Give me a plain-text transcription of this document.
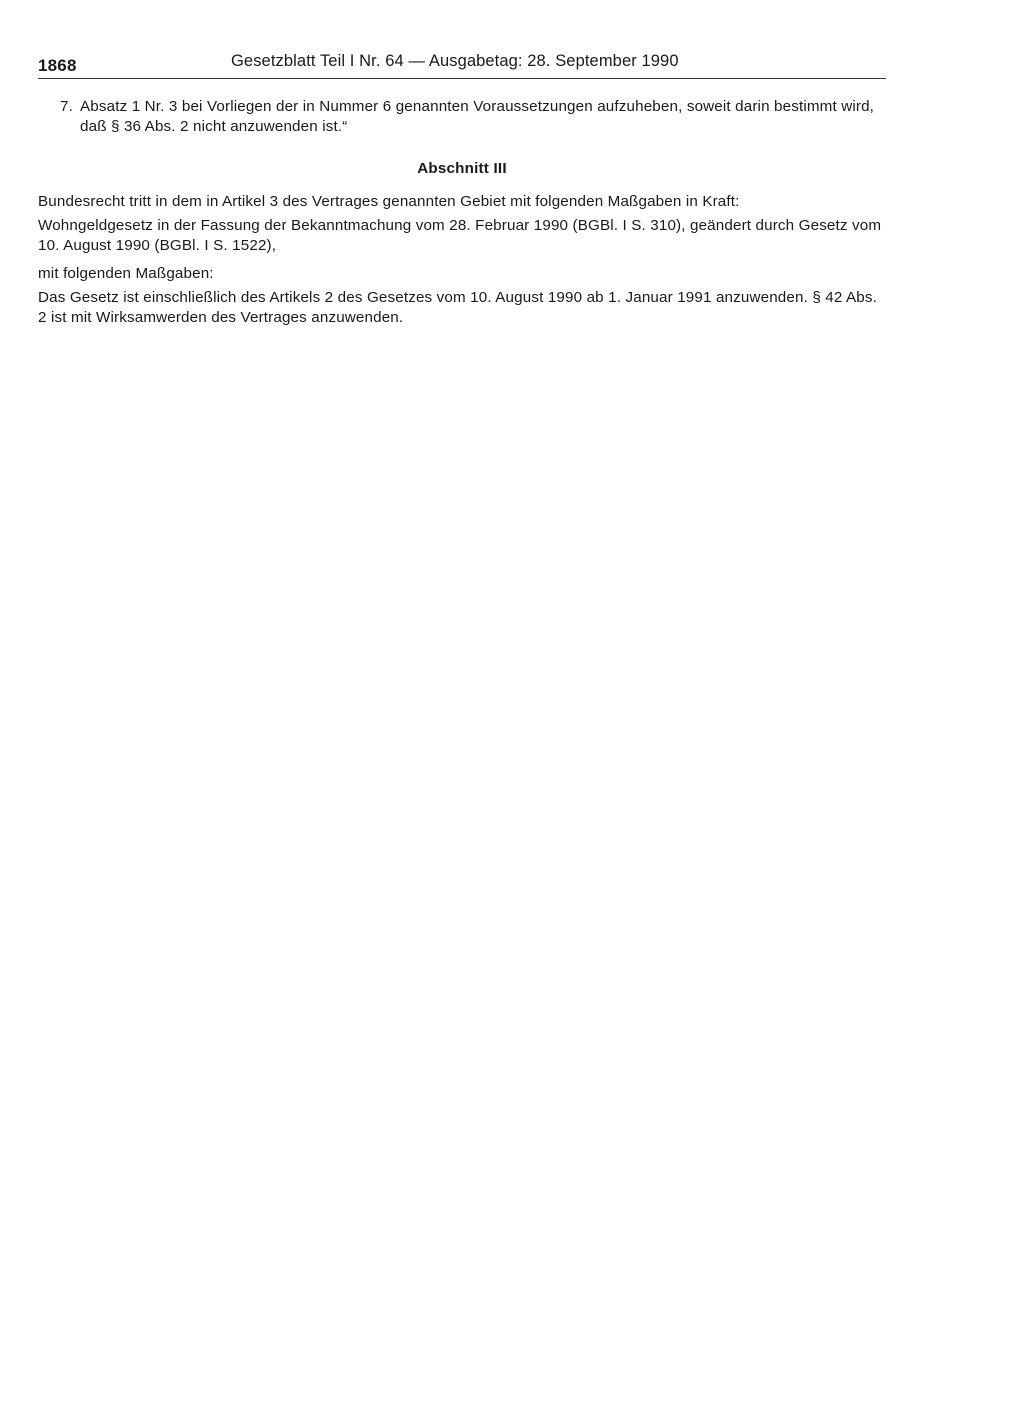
1868	Gesetzblatt Teil I Nr. 64 — Ausgabetag: 28. September 1990
7. Absatz 1 Nr. 3 bei Vorliegen der in Nummer 6 genannten Voraussetzungen aufzuheben, soweit darin bestimmt wird, daß § 36 Abs. 2 nicht anzuwenden ist.“
Abschnitt III
Bundesrecht tritt in dem in Artikel 3 des Vertrages genannten Gebiet mit folgenden Maßgaben in Kraft:
Wohngeldgesetz in der Fassung der Bekanntmachung vom 28. Februar 1990 (BGBl. I S. 310), geändert durch Gesetz vom 10. August 1990 (BGBl. I S. 1522),
mit folgenden Maßgaben:
Das Gesetz ist einschließlich des Artikels 2 des Gesetzes vom 10. August 1990 ab 1. Januar 1991 anzuwenden. § 42 Abs. 2 ist mit Wirksamwerden des Vertrages anzuwenden.
